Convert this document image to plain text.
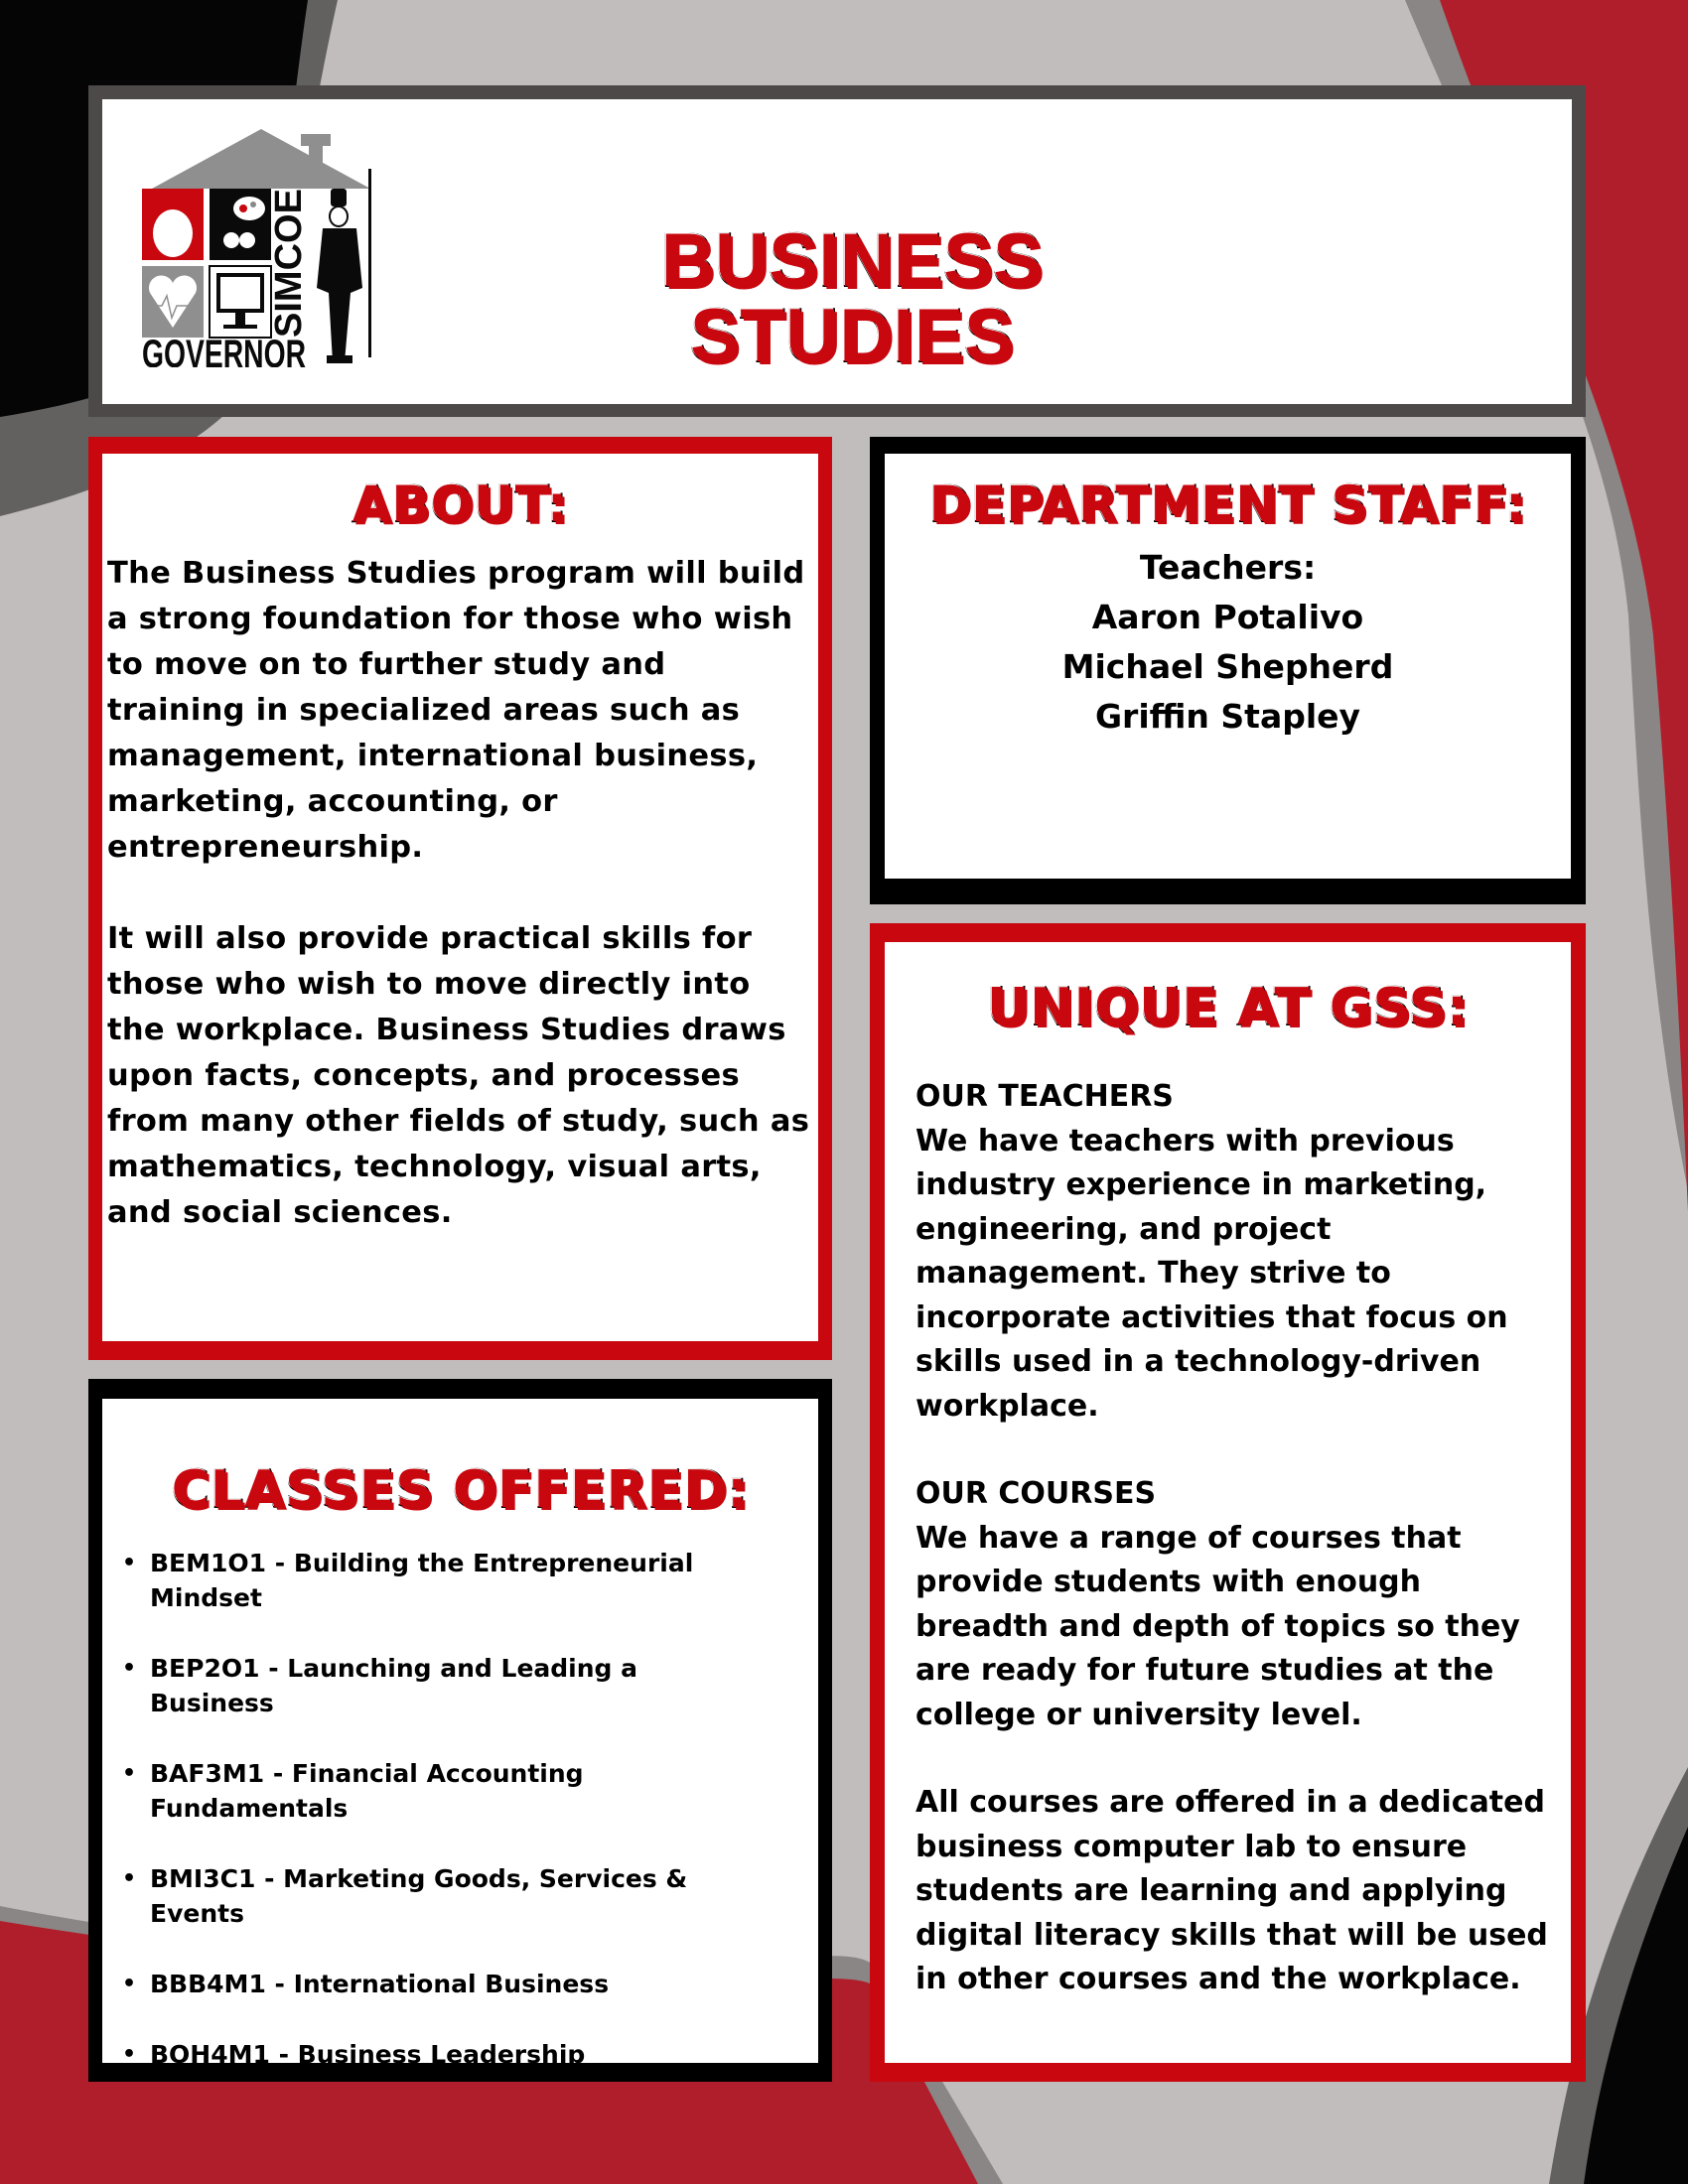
SIMCOE
GOVERNOR
BUSINESS STUDIES
ABOUT:
The Business Studies program will build a strong foundation for those who wish to move on to further study and training in specialized areas such as management, international business, marketing, accounting, or entrepreneurship.
It will also provide practical skills for those who wish to move directly into the workplace. Business Studies draws upon facts, concepts, and processes from many other fields of study, such as mathematics, technology, visual arts, and social sciences.
DEPARTMENT STAFF:
Teachers:
Aaron Potalivo
Michael Shepherd
Griffin Stapley
UNIQUE AT GSS:
OUR TEACHERS
We have teachers with previous industry experience in marketing, engineering, and project management. They strive to incorporate activities that focus on skills used in a technology-driven workplace.
OUR COURSES
We have a range of courses that provide students with enough breadth and depth of topics so they are ready for future studies at the college or university level.
All courses are offered in a dedicated business computer lab to ensure students are learning and applying digital literacy skills that will be used in other courses and the workplace.
CLASSES OFFERED:
• BEM1O1 - Building the Entrepreneurial Mindset
• BEP2O1 - Launching and Leading a Business
• BAF3M1 - Financial Accounting Fundamentals
• BMI3C1 - Marketing Goods, Services & Events
• BBB4M1 - International Business
• BOH4M1 - Business Leadership
